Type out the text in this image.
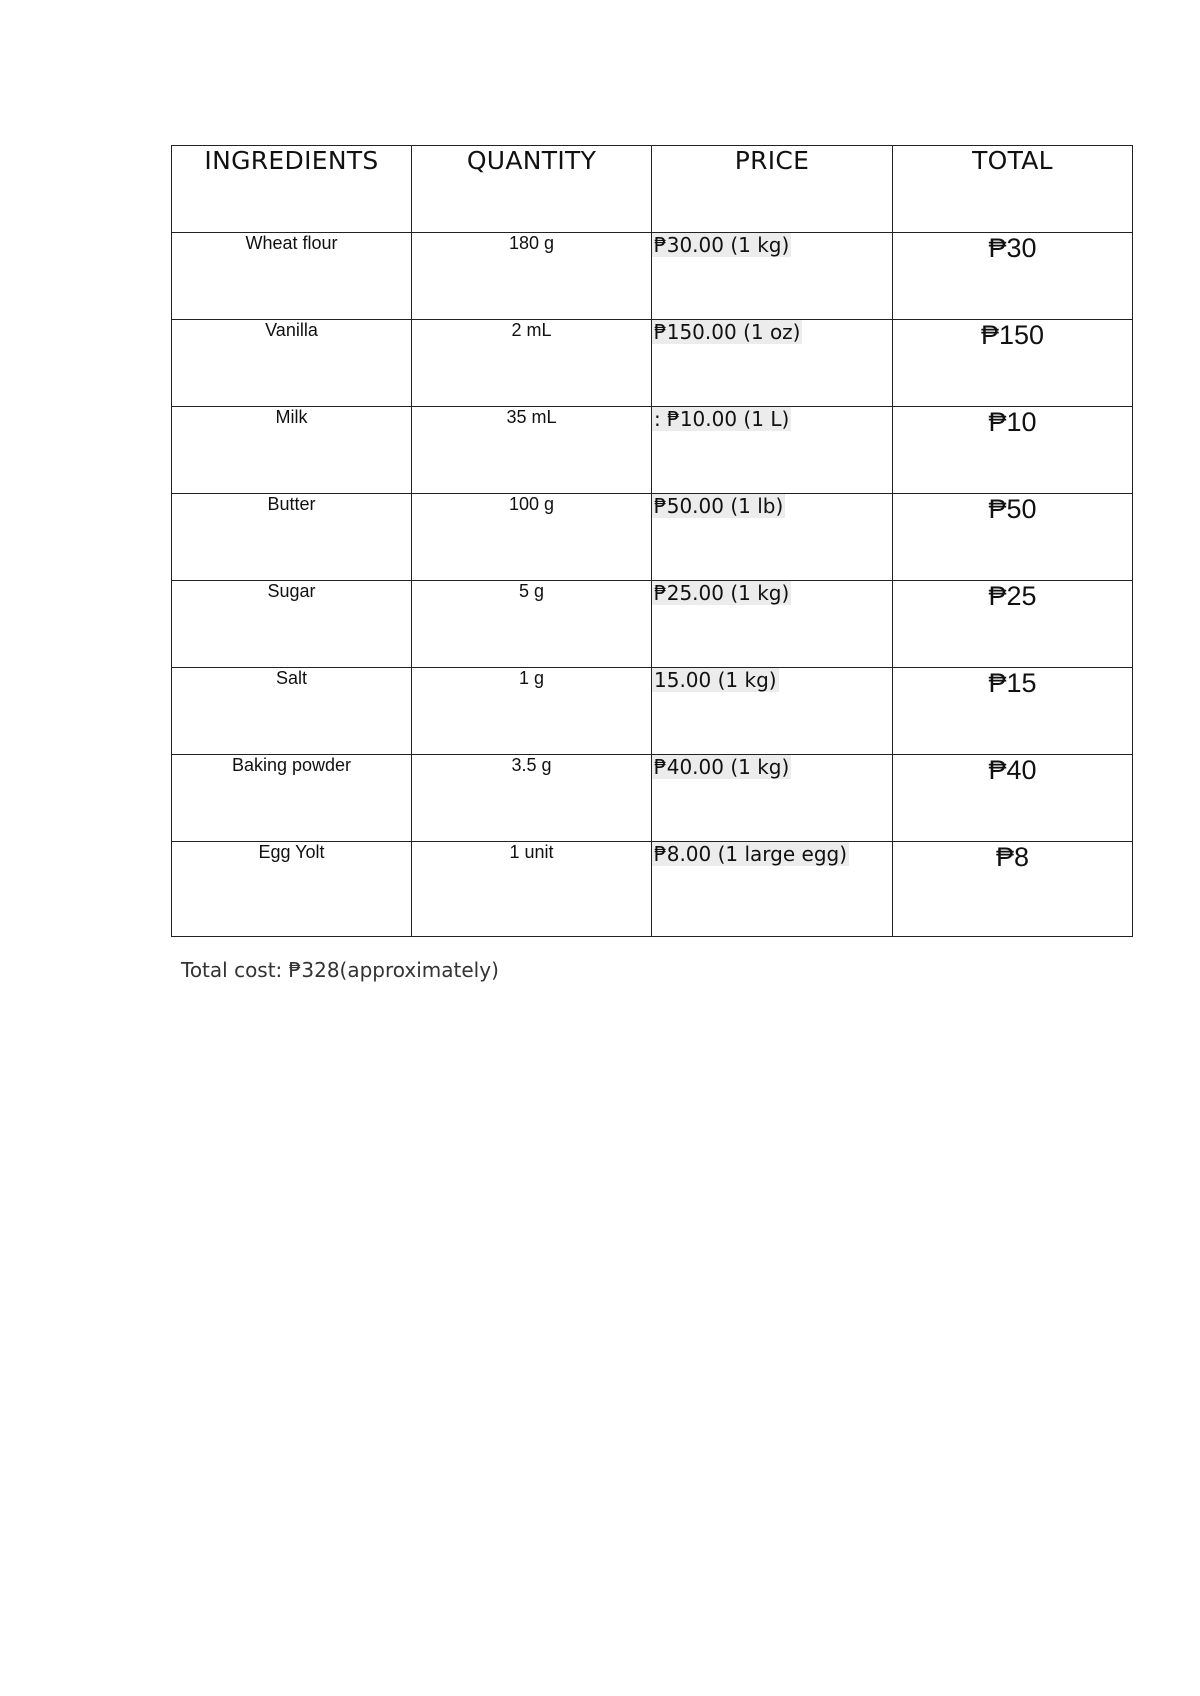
INGREDIENTS	QUANTITY	PRICE	TOTAL
Wheat flour	180 g	₱30.00 (1 kg)	₱30
Vanilla	2 mL	₱150.00 (1 oz)	₱150
Milk	35 mL	: ₱10.00 (1 L)	₱10
Butter	100 g	₱50.00 (1 lb)	₱50
Sugar	5 g	₱25.00 (1 kg)	₱25
Salt	1 g	15.00 (1 kg)	₱15
Baking powder	3.5 g	₱40.00 (1 kg)	₱40
Egg Yolt	1 unit	₱8.00 (1 large egg)	₱8
Total cost: ₱328(approximately)
